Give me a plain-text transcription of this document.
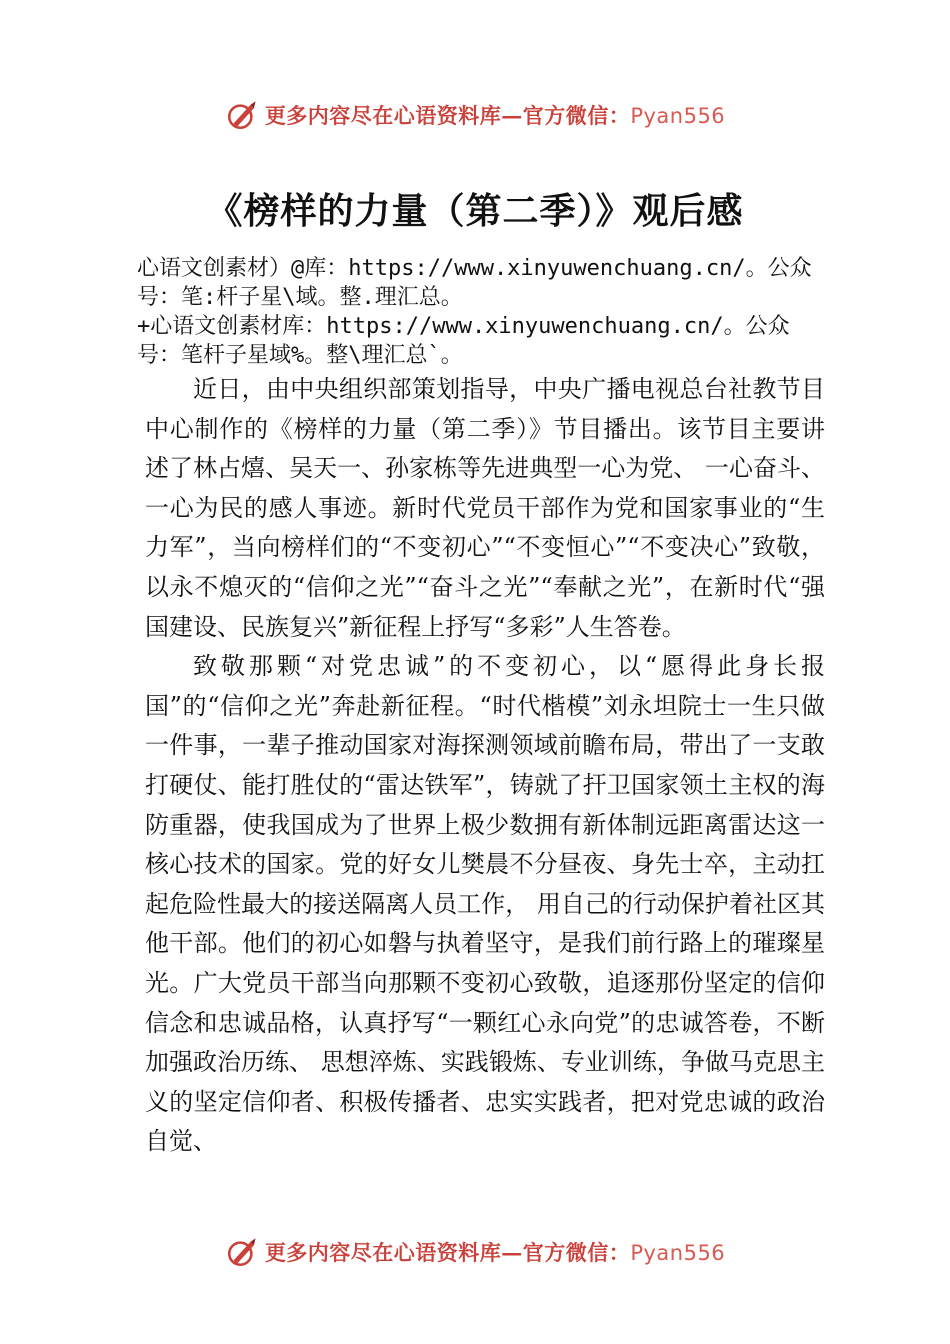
更多内容尽在心语资料库—官方微信：Pyan556
《榜样的力量（第二季）》观后感
心语文创素材）@库：https://www.xinyuwenchuang.cn/。公众号：笔:杆子星\域。整.理汇总。
+心语文创素材库：https://www.xinyuwenchuang.cn/。公众号：笔杆子星域%。整\理汇总`。

近日，由中央组织部策划指导，中央广播电视总台社教节目中心制作的《榜样的力量（第二季）》节目播出。该节目主要讲述了林占熺、吴天一、孙家栋等先进典型一心为党、 一心奋斗、一心为民的感人事迹。新时代党员干部作为党和国家事业的“生力军”，当向榜样们的“不变初心”“不变恒心”“不变决心”致敬，以永不熄灭的“信仰之光”“奋斗之光”“奉献之光”，在新时代“强国建设、民族复兴”新征程上抒写“多彩”人生答卷。

致敬那颗“对党忠诚”的不变初心，以“愿得此身长报国”的“信仰之光”奔赴新征程。“时代楷模”刘永坦院士一生只做一件事，一辈子推动国家对海探测领域前瞻布局，带出了一支敢打硬仗、能打胜仗的“雷达铁军”，铸就了扞卫国家领土主权的海防重器，使我国成为了世界上极少数拥有新体制远距离雷达这一核心技术的国家。党的好女儿樊晨不分昼夜、身先士卒，主动扛起危险性最大的接送隔离人员工作， 用自己的行动保护着社区其他干部。他们的初心如磐与执着坚守，是我们前行路上的璀璨星光。广大党员干部当向那颗不变初心致敬，追逐那份坚定的信仰信念和忠诚品格，认真抒写“一颗红心永向党”的忠诚答卷，不断加强政治历练、 思想淬炼、实践锻炼、专业训练，争做马克思主义的坚定信仰者、积极传播者、忠实实践者，把对党忠诚的政治自觉、

更多内容尽在心语资料库—官方微信：Pyan556
